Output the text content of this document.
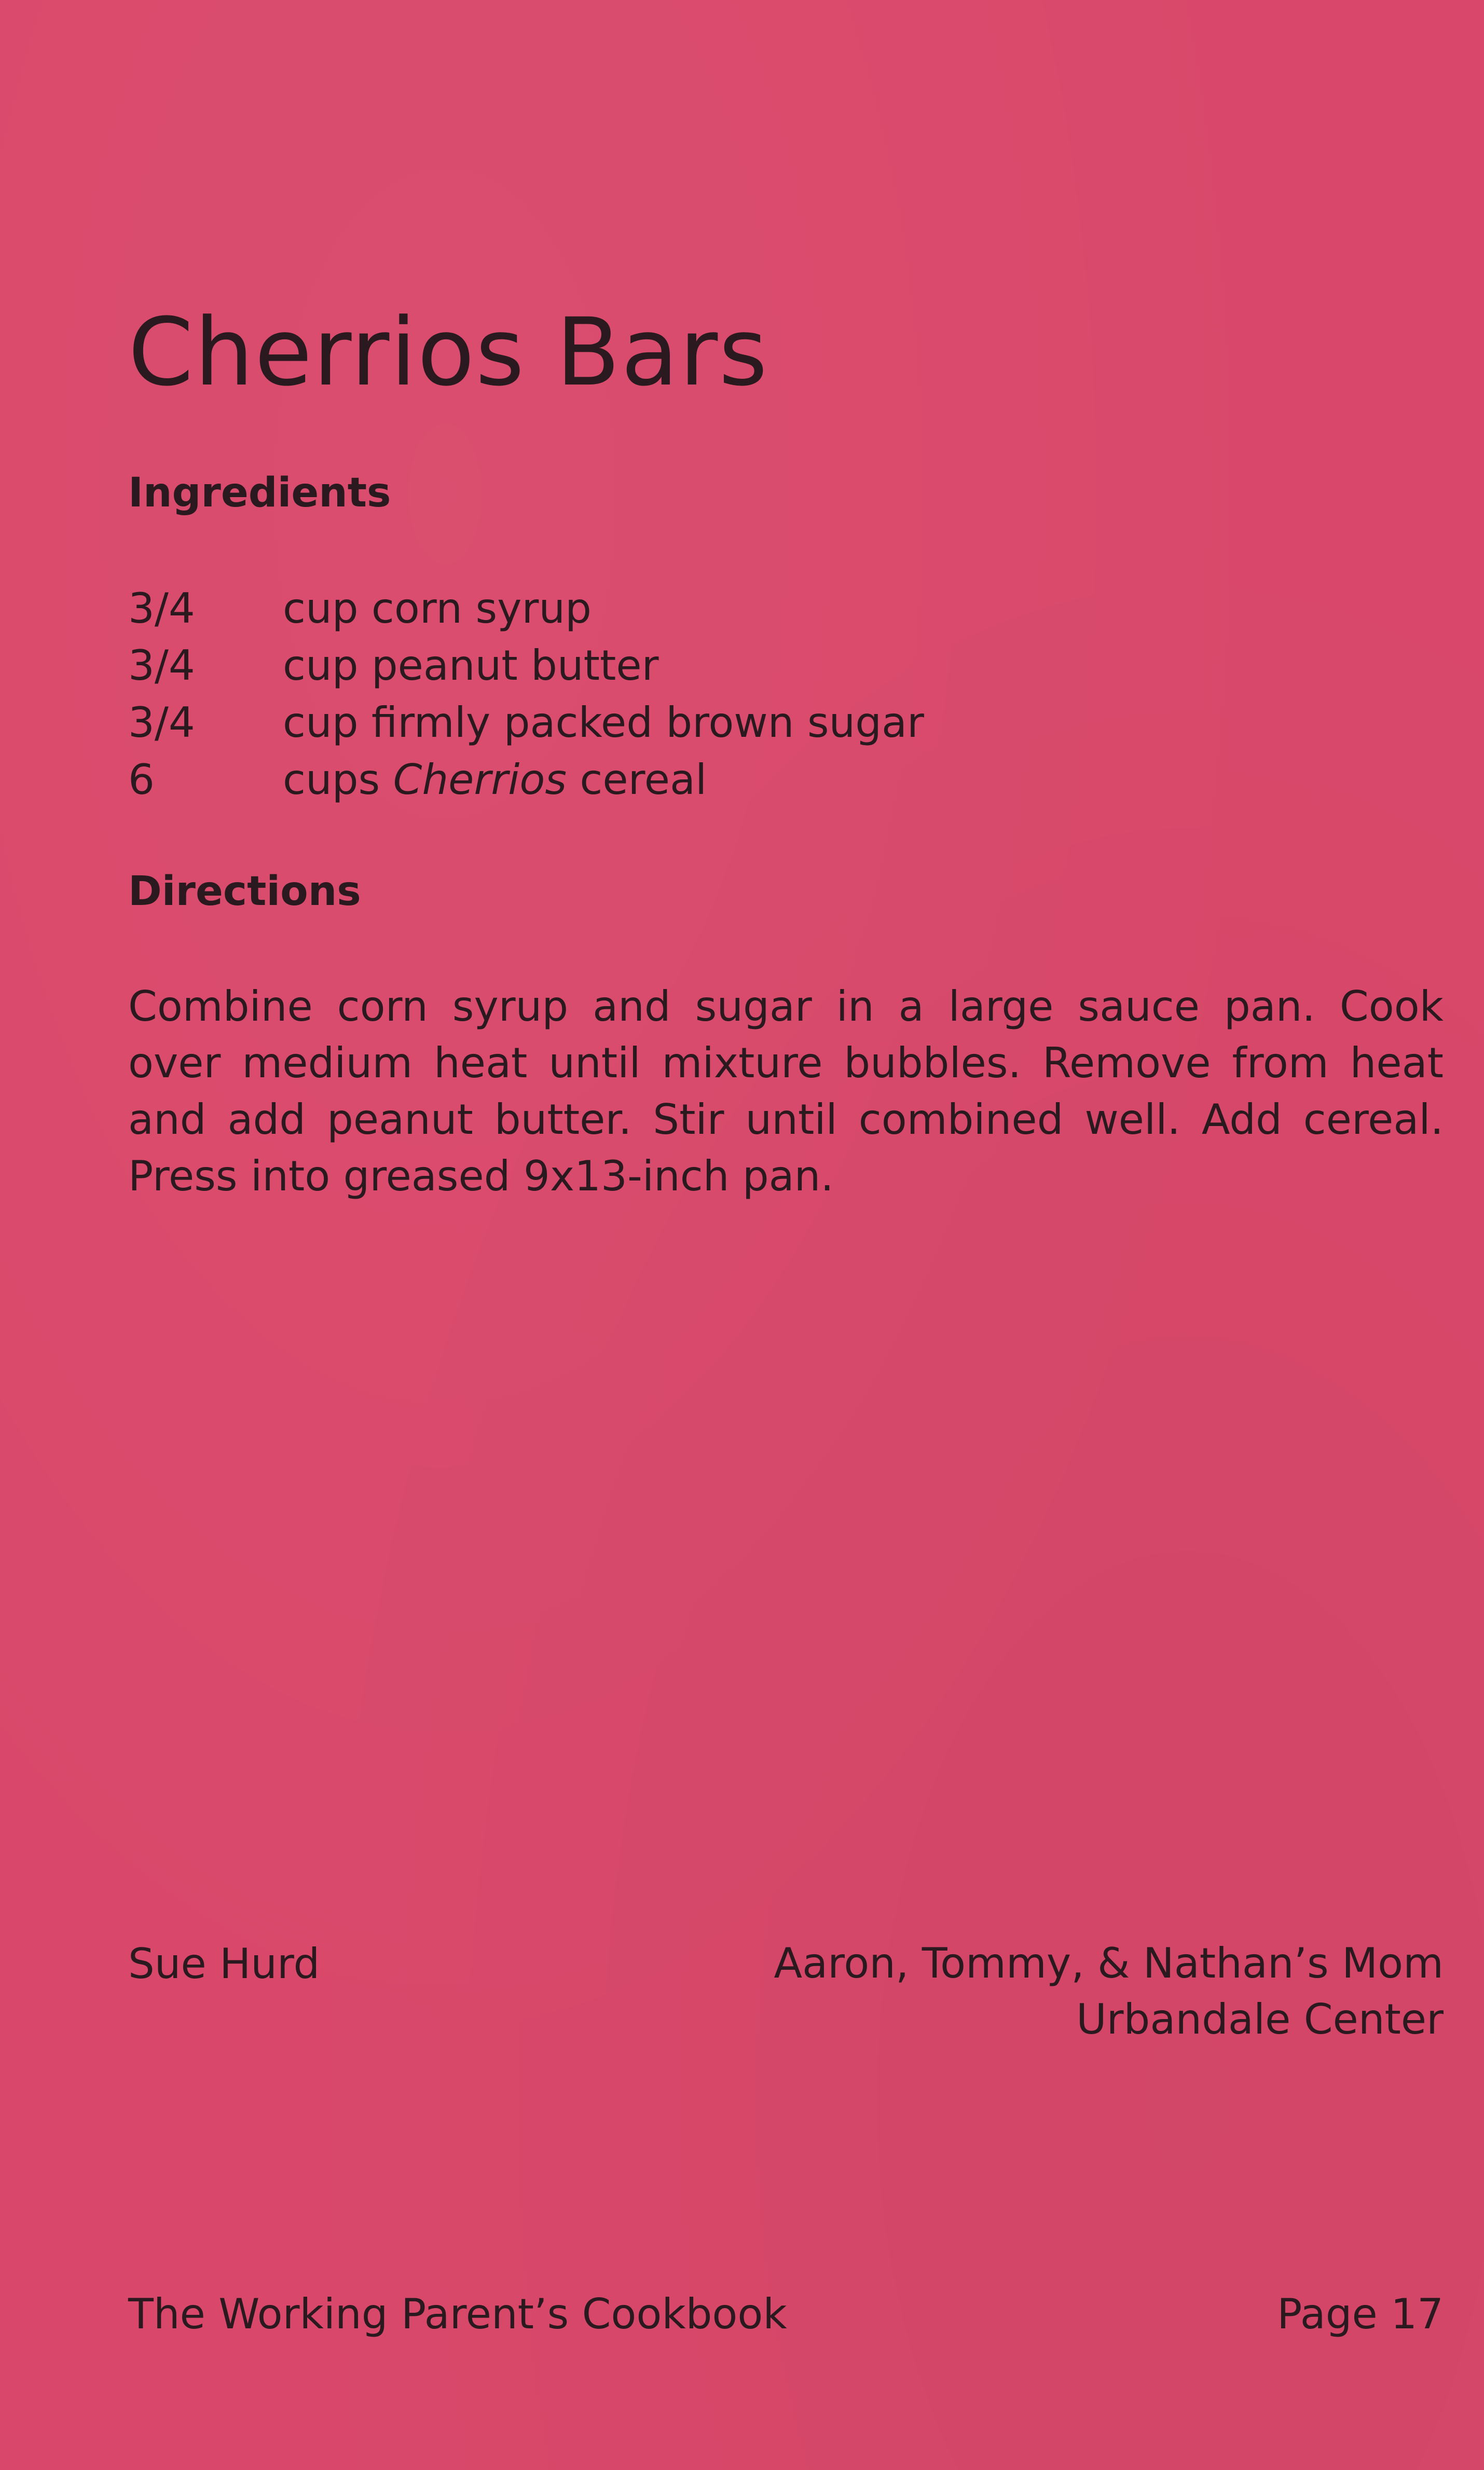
Cherrios Bars
Ingredients
3/4 cup corn syrup
3/4 cup peanut butter
3/4 cup firmly packed brown sugar
6	cups Cherrios cereal
Directions
Combine corn syrup and sugar in a large sauce pan. Cook
over medium heat until mixture bubbles. Remove from heat
and add peanut butter. Stir until combined well. Add cereal.
Press into greased 9x13-inch pan.

Sue Hurd	Aaron, Tommy, & Nathan’s Mom
Urbandale Center

The Working Parent’s Cookbook	Page 17
